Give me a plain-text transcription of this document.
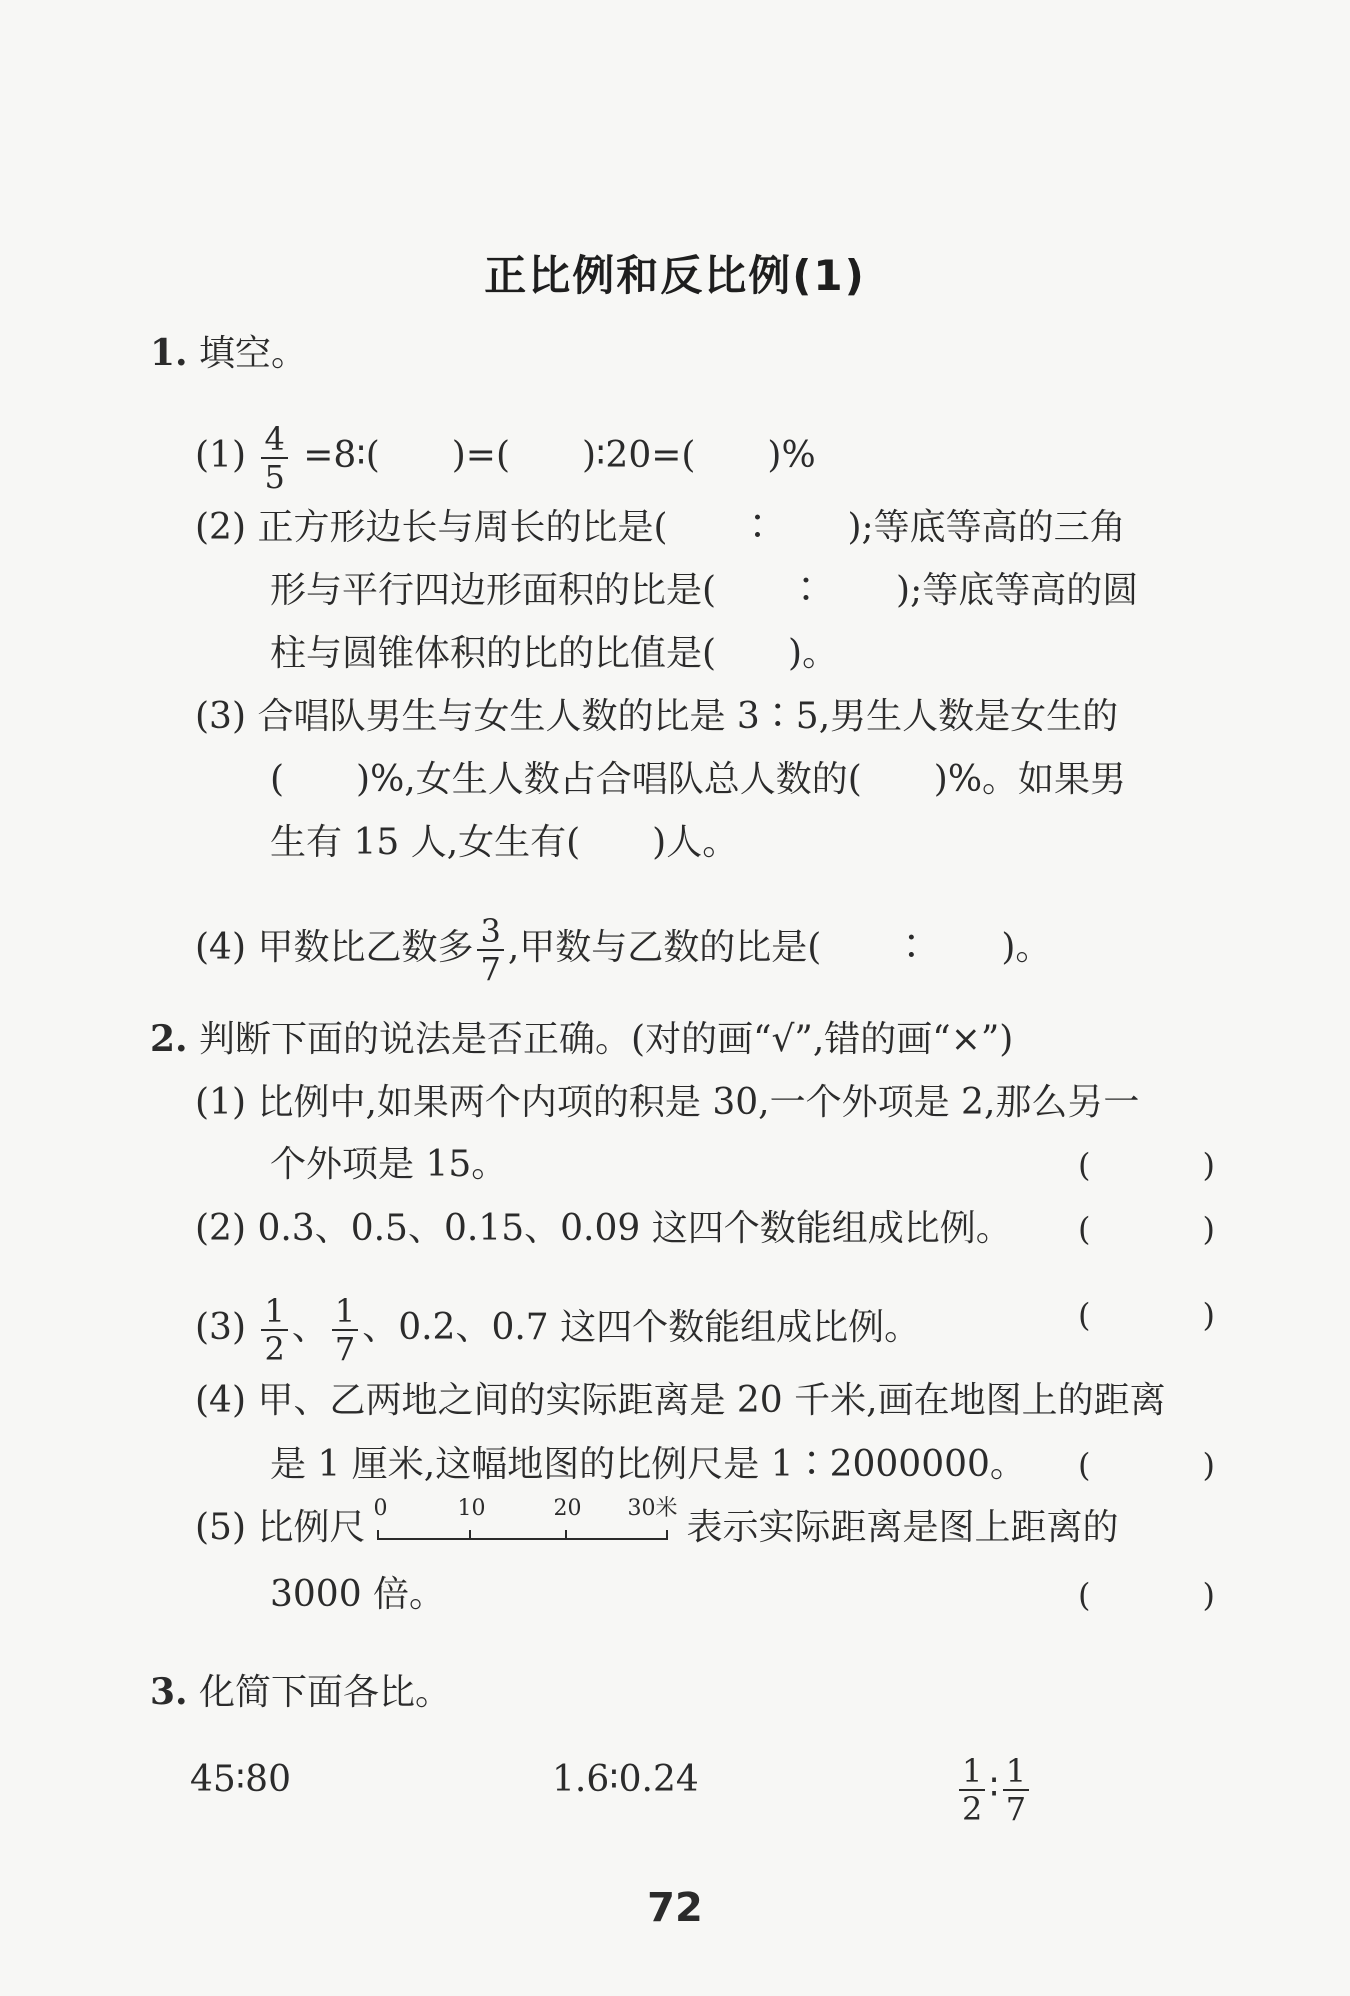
正比例和反比例(1)
1. 填空。
$(1) \frac{4}{5}$ =8∶(　　)=(　　)∶20=(　　)%
(2) 正方形边长与周长的比是(　　∶　　);等底等高的三角
形与平行四边形面积的比是(　　∶　　);等底等高的圆
柱与圆锥体积的比的比值是(　　)。
(3) 合唱队男生与女生人数的比是 3∶5,男生人数是女生的
(　　)%,女生人数占合唱队总人数的(　　)%。如果男
生有 15 人,女生有(　　)人。
(4) 甲数比乙数多 $\frac{3}{7}$ ,甲数与乙数的比是(　　∶　　)。
2. 判断下面的说法是否正确。(对的画“√”,错的画“×”)
(1) 比例中,如果两个内项的积是 30,一个外项是 2,那么另一
个外项是 15。	(　)
(2) 0.3、0.5、0.15、0.09 这四个数能组成比例。 (　)
$(3) \frac{1}{2}$ 、 $\frac{1}{7}$ 、0.2、0.7 这四个数能组成比例。	(　)
(4) 甲、乙两地之间的实际距离是 20 千米,画在地图上的距离
是 1 厘米,这幅地图的比例尺是 1∶2000000。 (　)
(5) 比例尺 0	10	20 30米 表示实际距离是图上距离的
3000 倍。	(　)
3. 化简下面各比。
45∶80	1.6∶0.24	$\frac{1}{2}$ ∶ $\frac{1}{7}$
72
